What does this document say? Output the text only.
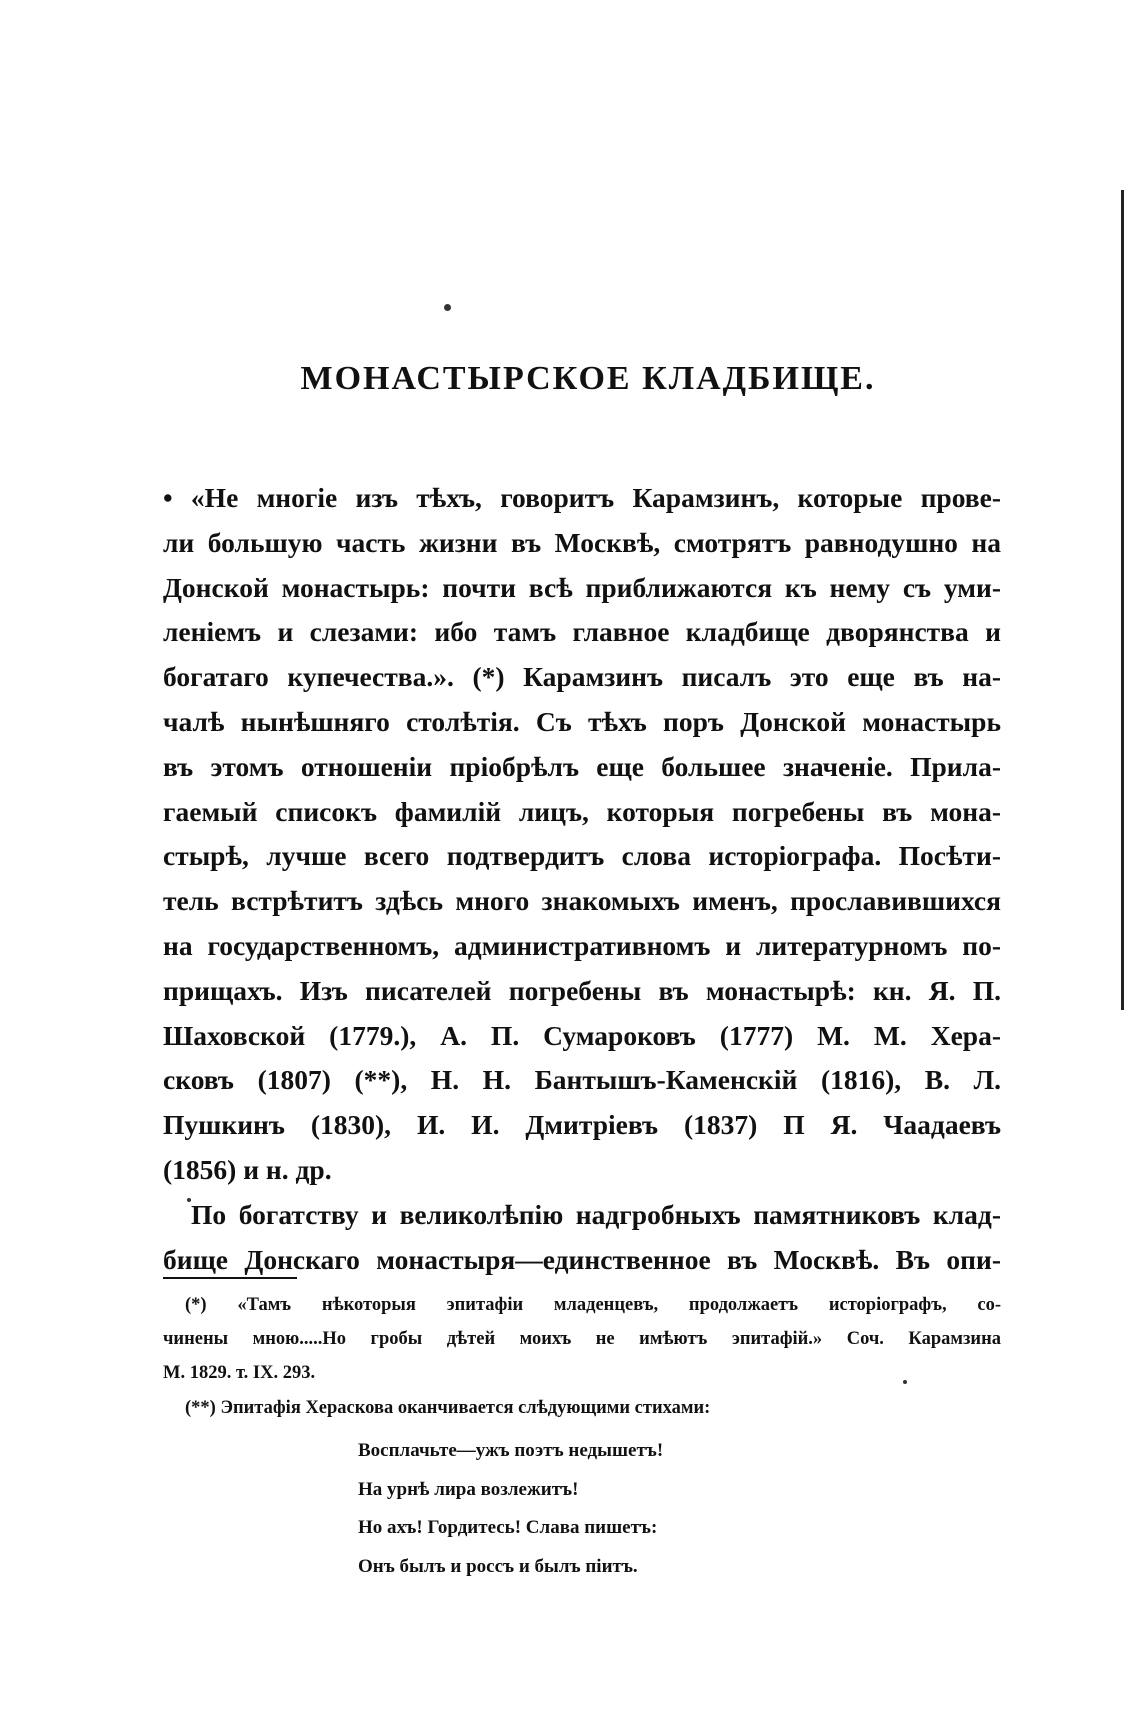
МОНАСТЫРСКОЕ КЛАДБИЩЕ.
• «Не многіе изъ тѣхъ, говоритъ Карамзинъ, которые прове-
ли большую часть жизни въ Москвѣ, смотрятъ равнодушно на
Донской монастырь: почти всѣ приближаются къ нему съ уми-
леніемъ и слезами: ибо тамъ главное кладбище дворянства и
богатаго купечества.». (*) Карамзинъ писалъ это еще въ на-
чалѣ нынѣшняго столѣтія. Съ тѣхъ поръ Донской монастырь
въ этомъ отношеніи пріобрѣлъ еще большее значеніе. Прила-
гаемый списокъ фамилій лицъ, которыя погребены въ мона-
стырѣ, лучше всего подтвердитъ слова исторіографа. Посѣти-
тель встрѣтитъ здѣсь много знакомыхъ именъ, прославившихся
на государственномъ, административномъ и литературномъ по-
прищахъ. Изъ писателей погребены въ монастырѣ: кн. Я. П.
Шаховской (1779.), А. П. Сумароковъ (1777) М. М. Хера-
сковъ (1807) (**), Н. Н. Бантышъ-Каменскій (1816), В. Л.
Пушкинъ (1830), И. И. Дмитріевъ (1837) П Я. Чаадаевъ
(1856) и н. др.
По богатству и великолѣпію надгробныхъ памятниковъ клад-
бище Донскаго монастыря—единственное въ Москвѣ. Въ опи-
(*) «Тамъ нѣкоторыя эпитафіи младенцевъ, продолжаетъ исторіографъ, со-
чинены мною.....Но гробы дѣтей моихъ не имѣютъ эпитафій.» Соч. Карамзина
М. 1829. т. IX. 293.
(**) Эпитафія Хераскова оканчивается слѣдующими стихами:
Восплачьте—ужъ поэтъ недышетъ!
На урнѣ лира возлежитъ!
Но ахъ! Гордитесь! Слава пишетъ:
Онъ былъ и россъ и былъ піитъ.
